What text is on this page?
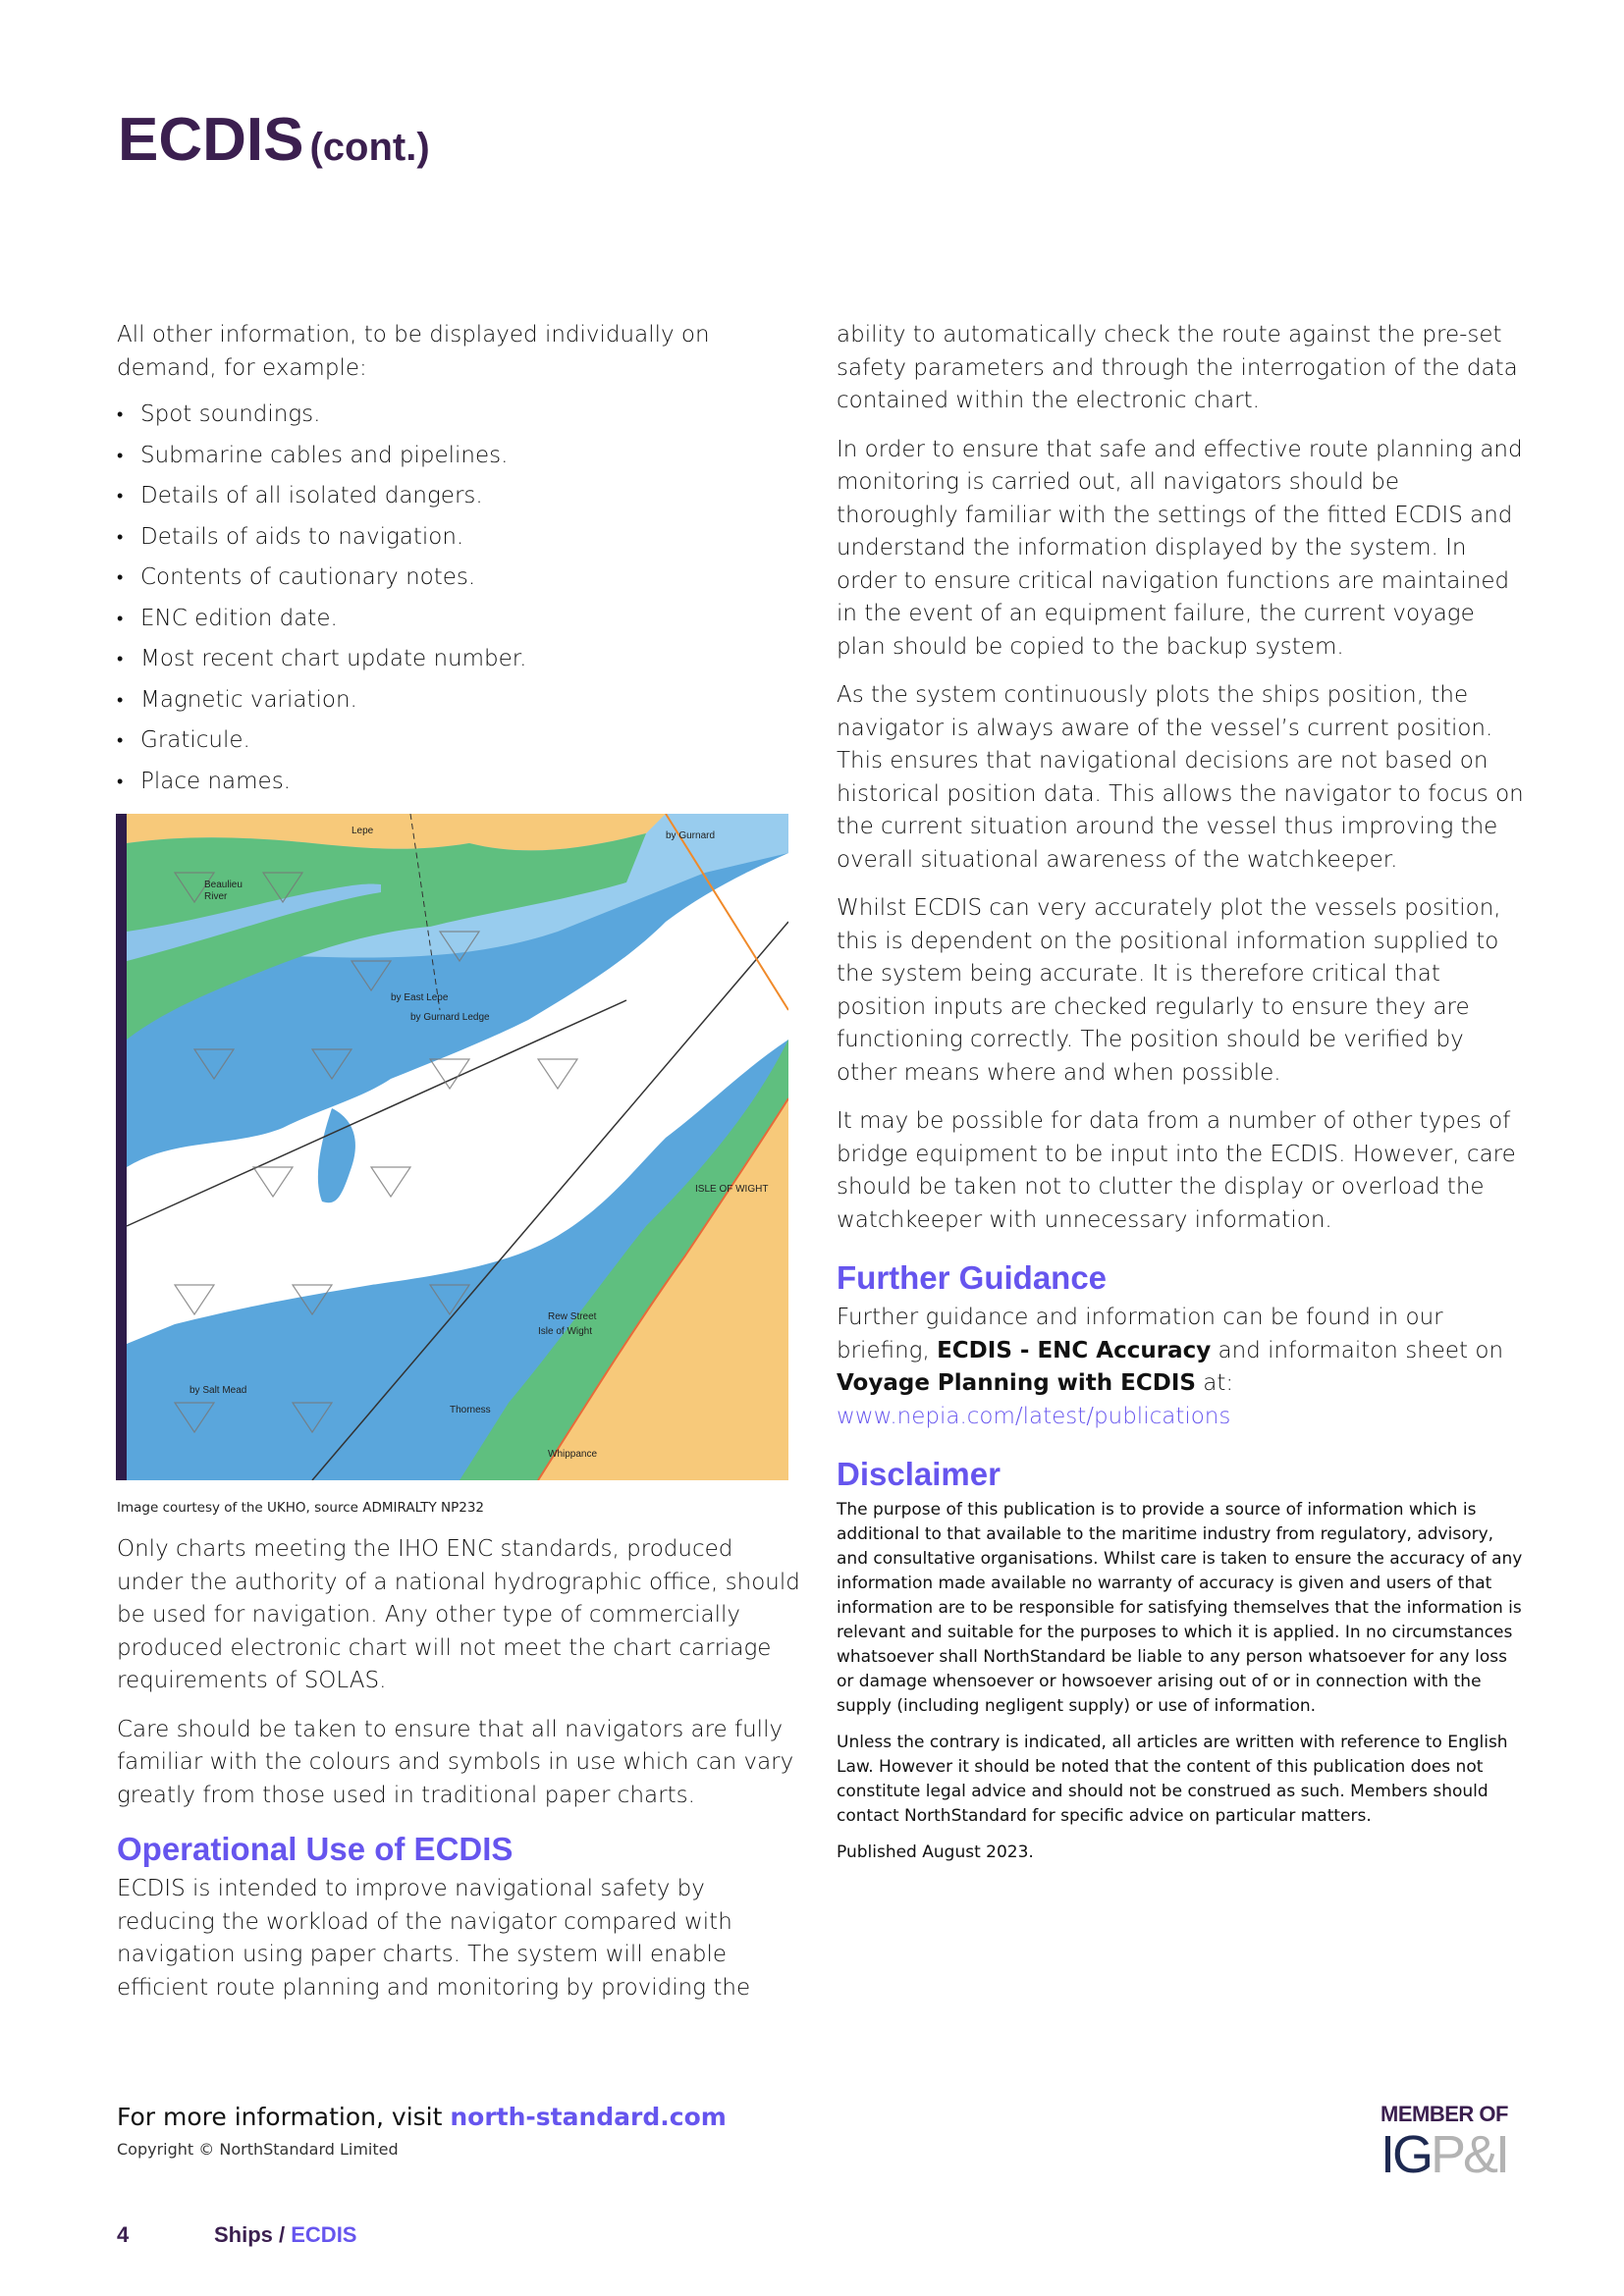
ECDIS (cont.)

All other information, to be displayed individually on demand, for example:

• Spot soundings.
• Submarine cables and pipelines.
• Details of all isolated dangers.
• Details of aids to navigation.
• Contents of cautionary notes.
• ENC edition date.
• Most recent chart update number.
• Magnetic variation.
• Graticule.
• Place names.
Beaulieu
River
Lepe	by Gurnard
ISLE OF WIGHT
by Salt Mead
Rew Street
Isle of Wight
Thorness
Whippance
by East Lepe
by Gurnard Ledge
Image courtesy of the UKHO, source ADMIRALTY NP232

Only charts meeting the IHO ENC standards, produced under the authority of a national hydrographic office, should be used for navigation. Any other type of commercially produced electronic chart will not meet the chart carriage requirements of SOLAS.

Care should be taken to ensure that all navigators are fully familiar with the colours and symbols in use which can vary greatly from those used in traditional paper charts.

Operational Use of ECDIS

ECDIS is intended to improve navigational safety by reducing the workload of the navigator compared with navigation using paper charts. The system will enable efficient route planning and monitoring by providing the

ability to automatically check the route against the pre-set safety parameters and through the interrogation of the data contained within the electronic chart.

In order to ensure that safe and effective route planning and monitoring is carried out, all navigators should be thoroughly familiar with the settings of the fitted ECDIS and understand the information displayed by the system. In order to ensure critical navigation functions are maintained in the event of an equipment failure, the current voyage plan should be copied to the backup system.

As the system continuously plots the ships position, the navigator is always aware of the vessel’s current position. This ensures that navigational decisions are not based on historical position data. This allows the navigator to focus on the current situation around the vessel thus improving the overall situational awareness of the watchkeeper.

Whilst ECDIS can very accurately plot the vessels position, this is dependent on the positional information supplied to the system being accurate. It is therefore critical that position inputs are checked regularly to ensure they are functioning correctly. The position should be verified by other means where and when possible.

It may be possible for data from a number of other types of bridge equipment to be input into the ECDIS. However, care should be taken not to clutter the display or overload the watchkeeper with unnecessary information.

Further Guidance

Further guidance and information can be found in our briefing, ECDIS - ENC Accuracy and informaiton sheet on Voyage Planning with ECDIS at:
www.nepia.com/latest/publications

Disclaimer

The purpose of this publication is to provide a source of information which is additional to that available to the maritime industry from regulatory, advisory, and consultative organisations. Whilst care is taken to ensure the accuracy of any information made available no warranty of accuracy is given and users of that information are to be responsible for satisfying themselves that the information is relevant and suitable for the purposes to which it is applied. In no circumstances whatsoever shall NorthStandard be liable to any person whatsoever for any loss or damage whensoever or howsoever arising out of or in connection with the supply (including negligent supply) or use of information.

Unless the contrary is indicated, all articles are written with reference to English Law. However it should be noted that the content of this publication does not constitute legal advice and should not be construed as such. Members should contact NorthStandard for specific advice on particular matters.

Published August 2023.

For more information, visit north-standard.com
Copyright © NorthStandard Limited
4	Ships / ECDIS
MEMBER OF
IGP&I
